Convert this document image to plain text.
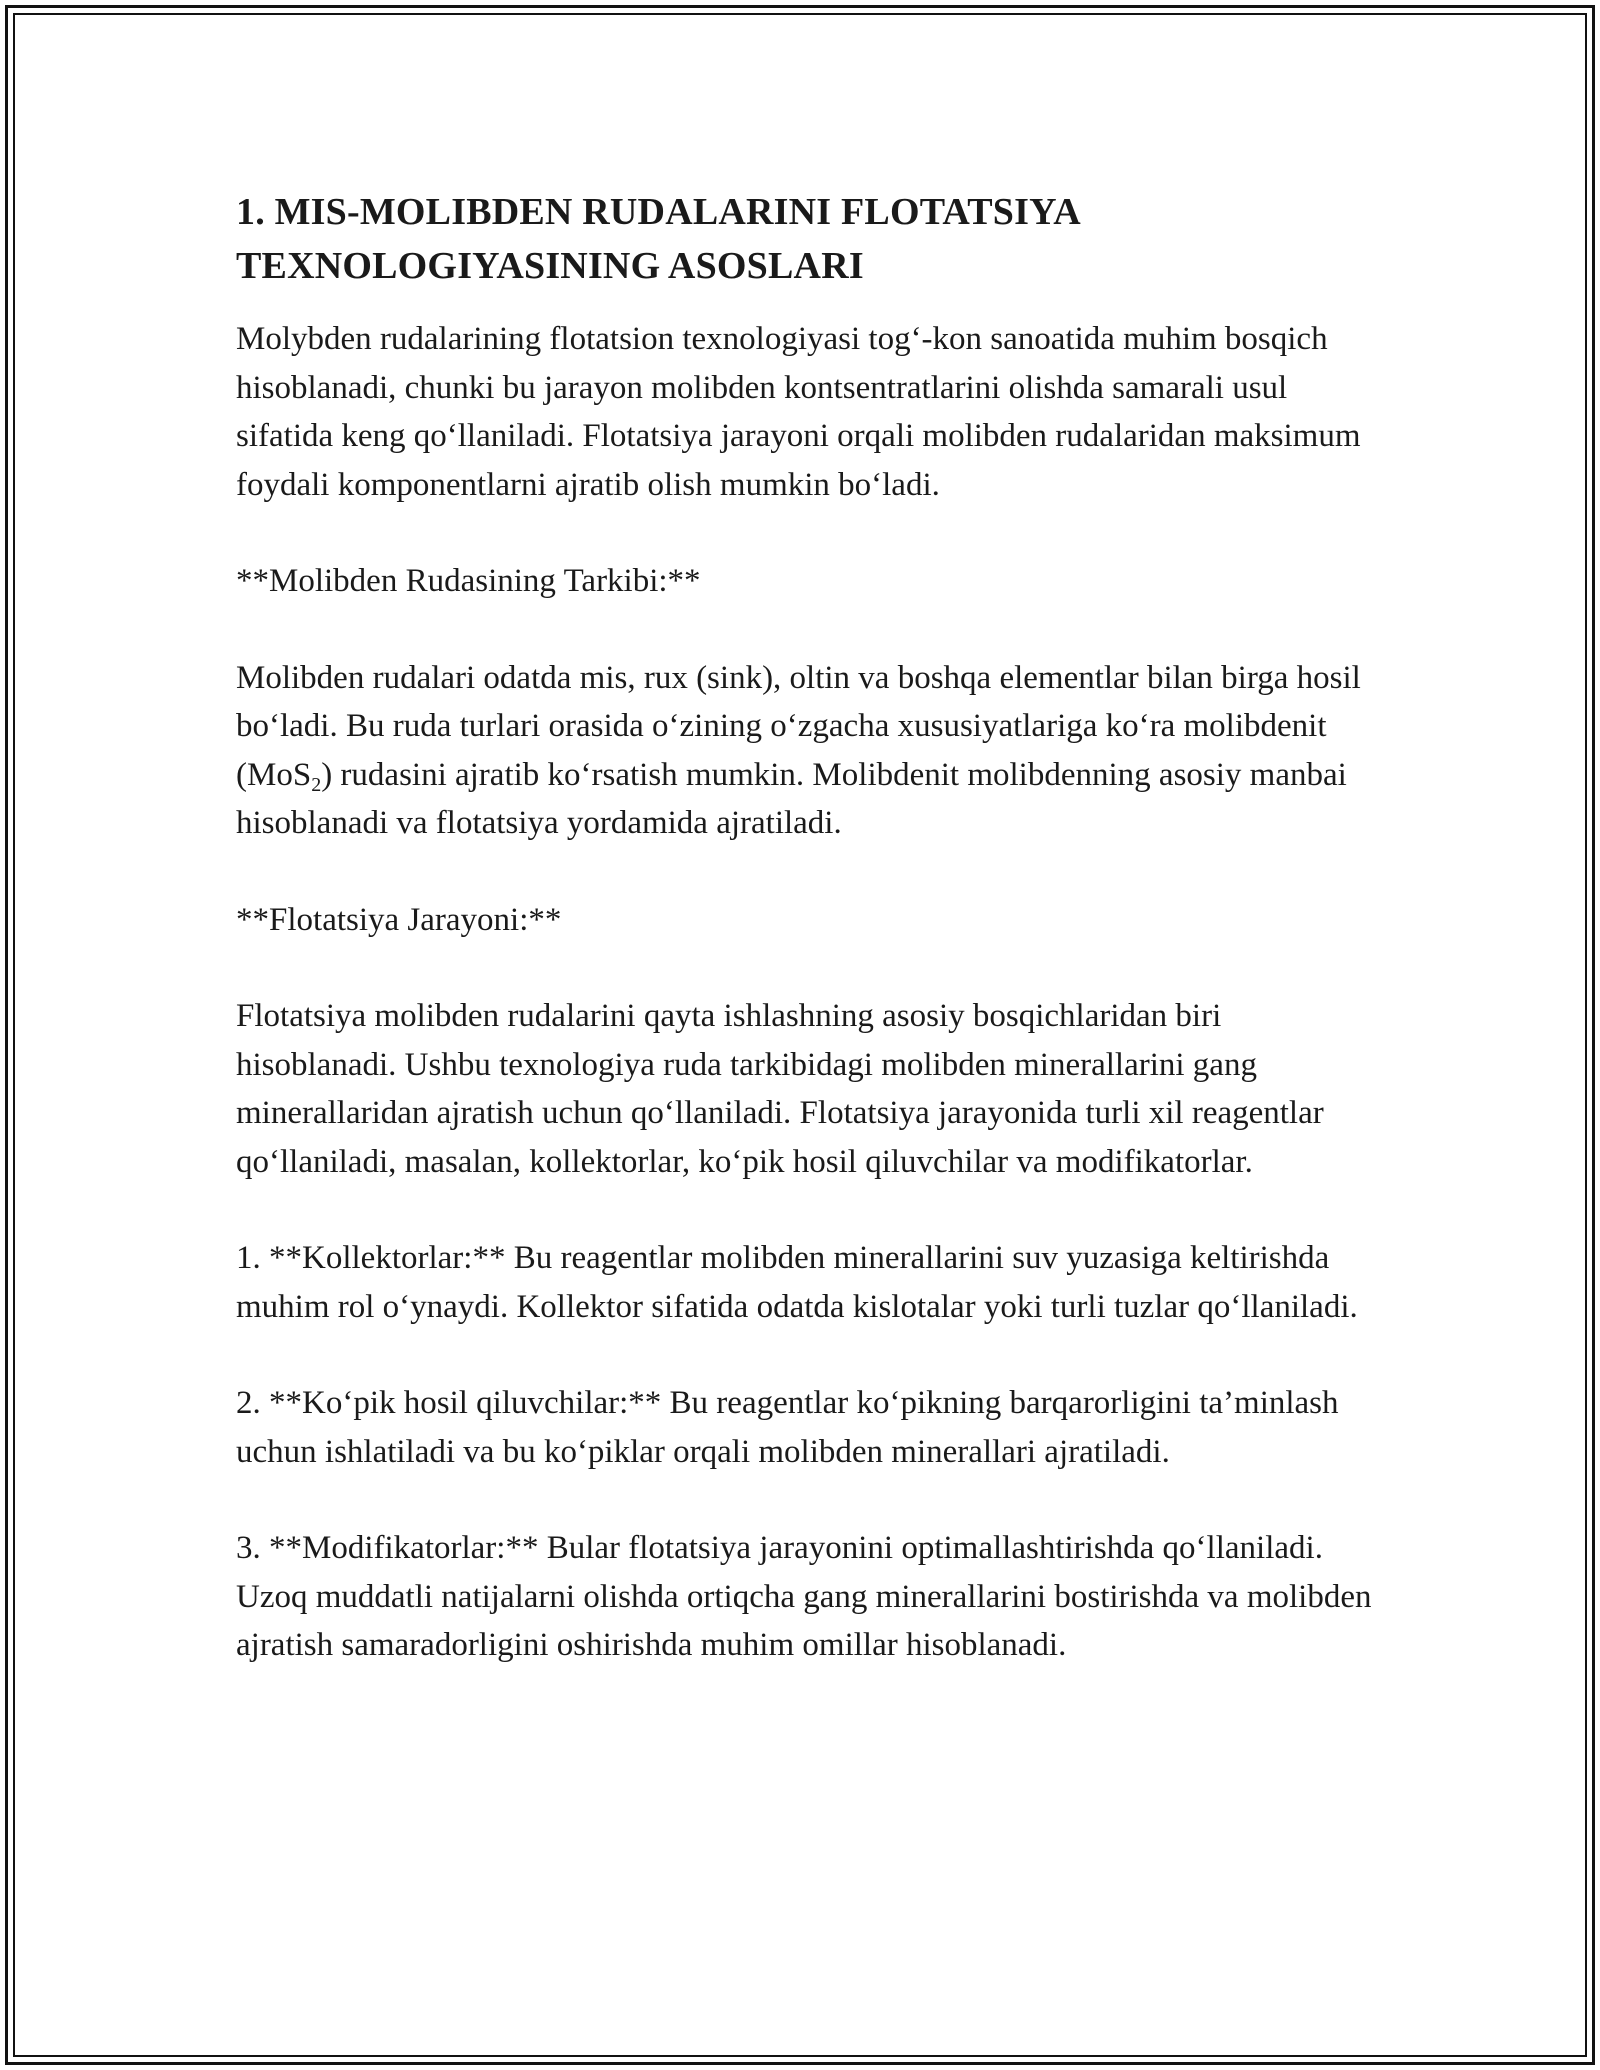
1. MIS-MOLIBDEN RUDALARINI FLOTATSIYA TEXNOLOGIYASINING ASOSLARI

Molybden rudalarining flotatsion texnologiyasi tog‘-kon sanoatida muhim bosqich hisoblanadi, chunki bu jarayon molibden kontsentratlarini olishda samarali usul sifatida keng qo‘llaniladi. Flotatsiya jarayoni orqali molibden rudalaridan maksimum foydali komponentlarni ajratib olish mumkin bo‘ladi.

**Molibden Rudasining Tarkibi:**

Molibden rudalari odatda mis, rux (sink), oltin va boshqa elementlar bilan birga hosil bo‘ladi. Bu ruda turlari orasida o‘zining o‘zgacha xususiyatlariga ko‘ra molibdenit (MoS$_2$) rudasini ajratib ko‘rsatish mumkin. Molibdenit molibdenning asosiy manbai hisoblanadi va flotatsiya yordamida ajratiladi.

**Flotatsiya Jarayoni:**

Flotatsiya molibden rudalarini qayta ishlashning asosiy bosqichlaridan biri hisoblanadi. Ushbu texnologiya ruda tarkibidagi molibden minerallarini gang minerallaridan ajratish uchun qo‘llaniladi. Flotatsiya jarayonida turli xil reagentlar qo‘llaniladi, masalan, kollektorlar, ko‘pik hosil qiluvchilar va modifikatorlar.

1. **Kollektorlar:** Bu reagentlar molibden minerallarini suv yuzasiga keltirishda muhim rol o‘ynaydi. Kollektor sifatida odatda kislotalar yoki turli tuzlar qo‘llaniladi.

2. **Ko‘pik hosil qiluvchilar:** Bu reagentlar ko‘pikning barqarorligini ta’minlash uchun ishlatiladi va bu ko‘piklar orqali molibden minerallari ajratiladi.

3. **Modifikatorlar:** Bular flotatsiya jarayonini optimallashtirishda qo‘llaniladi. Uzoq muddatli natijalarni olishda ortiqcha gang minerallarini bostirishda va molibden ajratish samaradorligini oshirishda muhim omillar hisoblanadi.
